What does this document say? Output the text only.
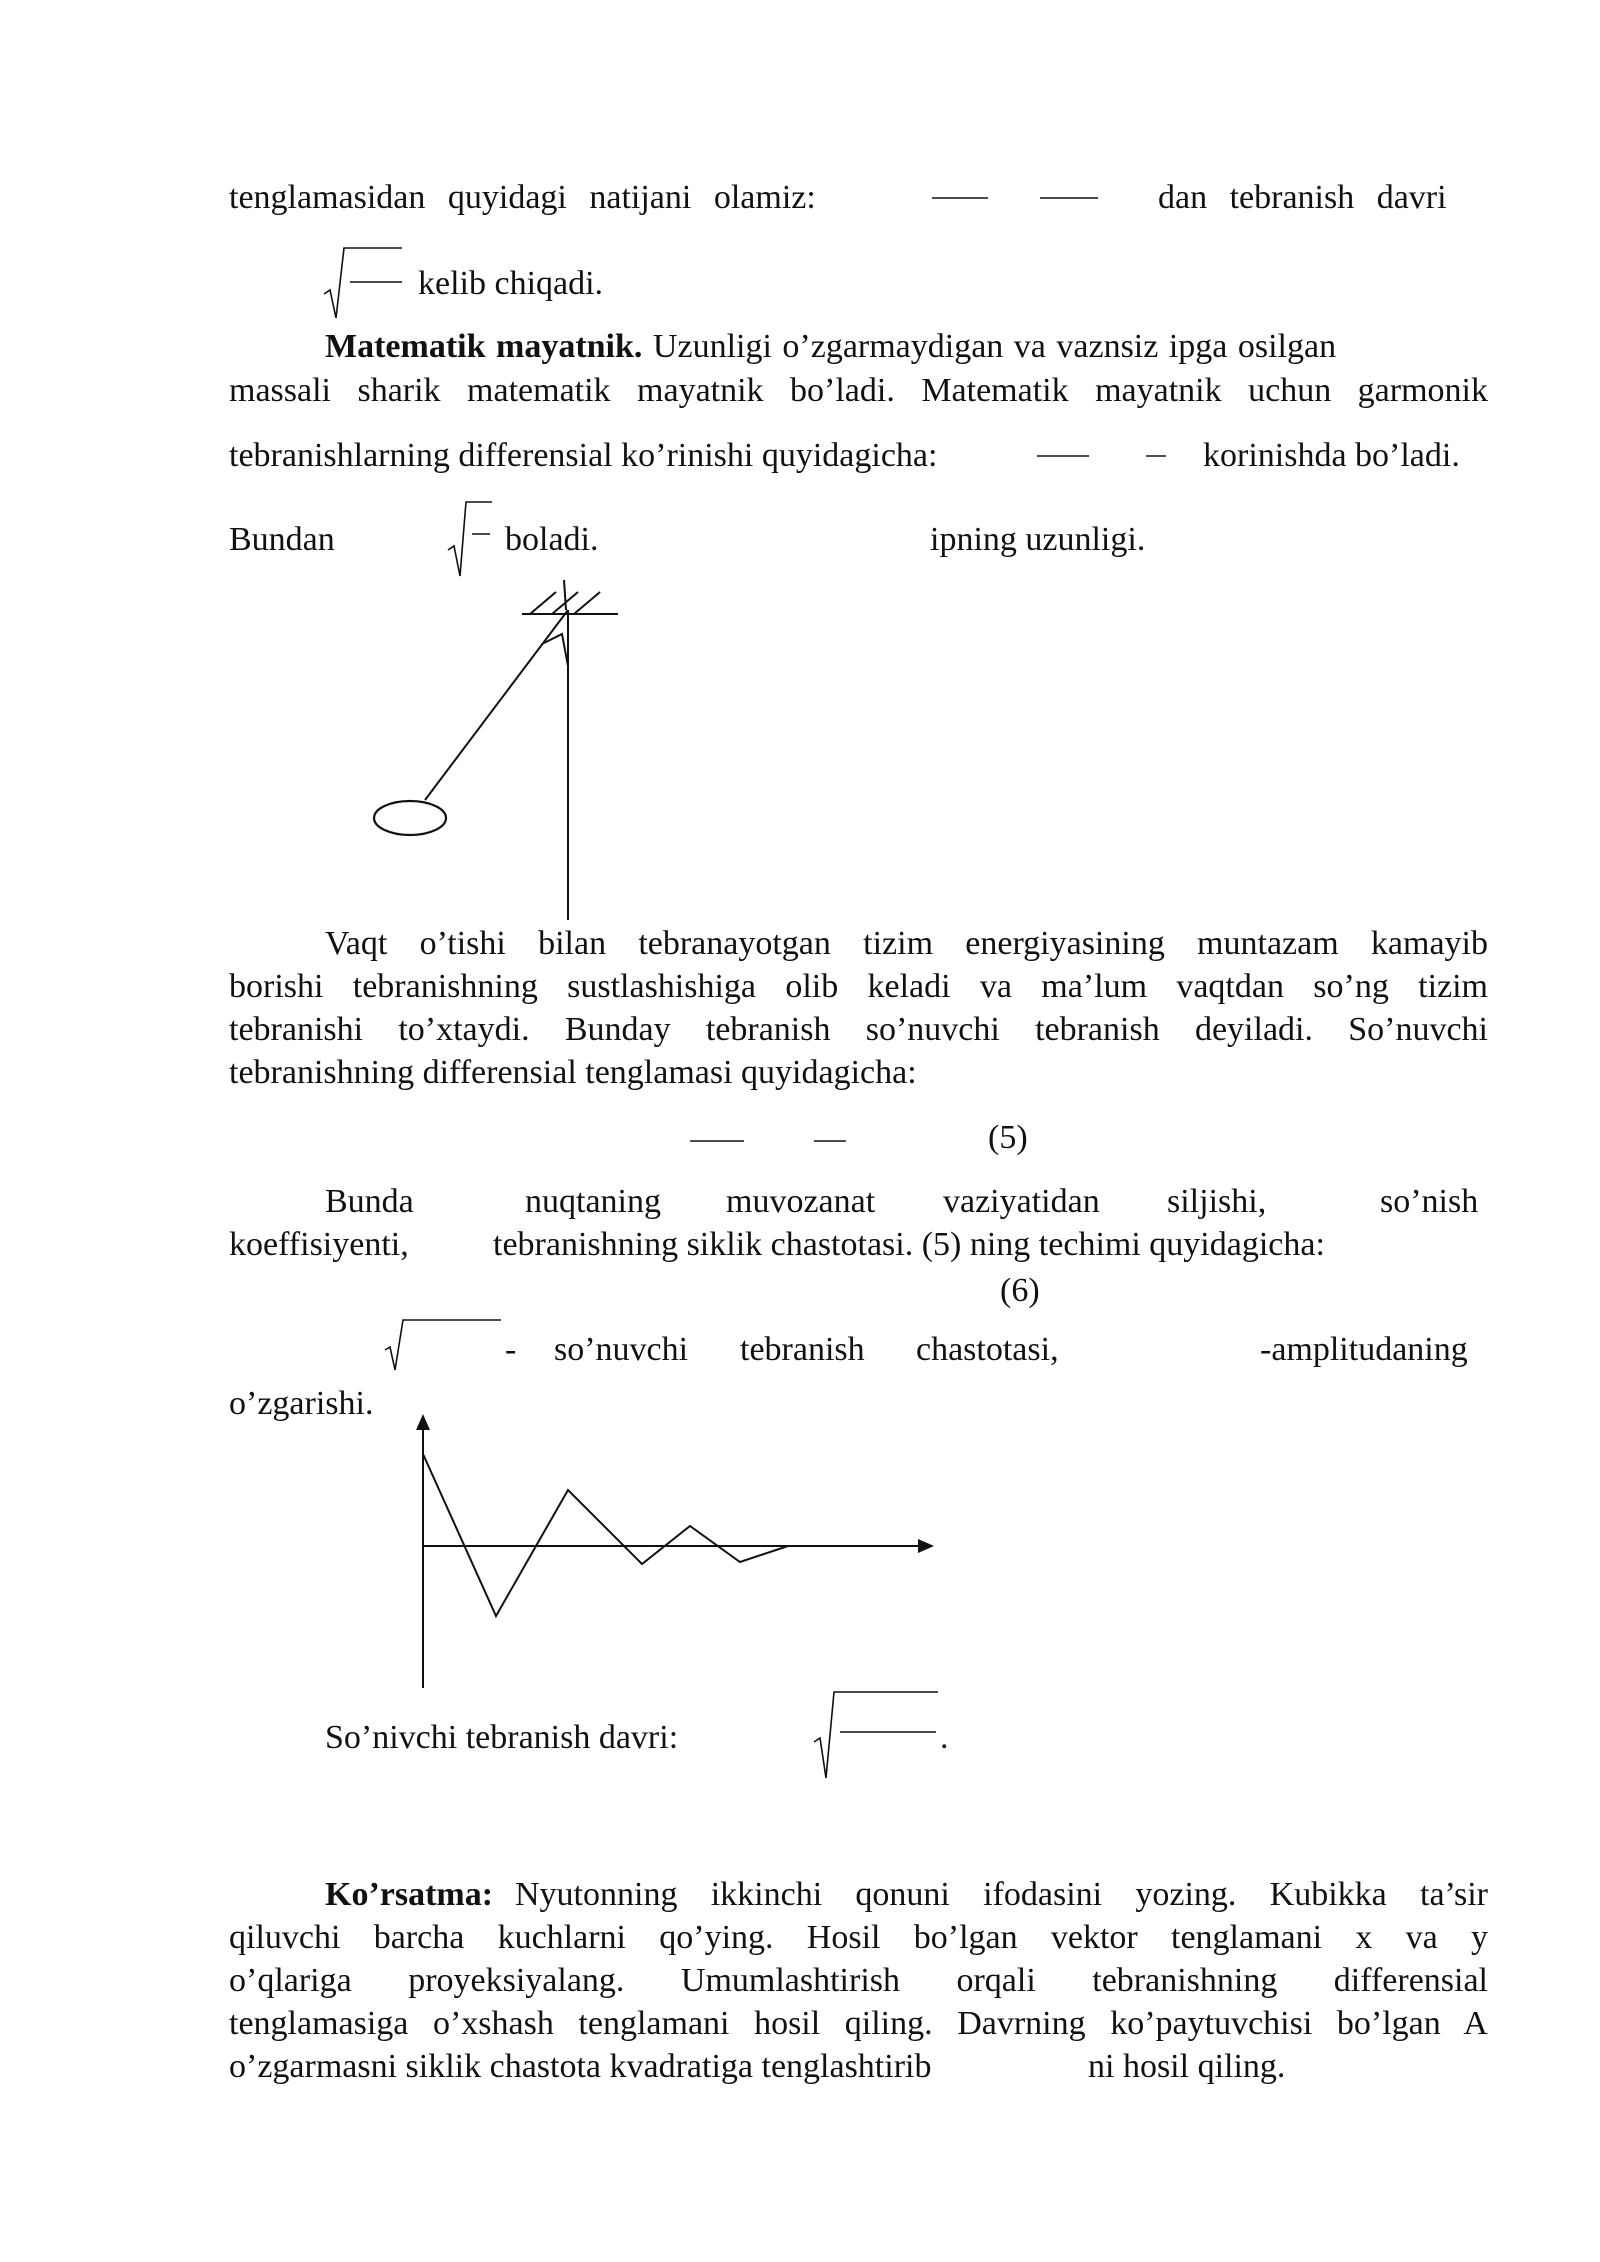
tenglamasidan quyidagi natijani olamiz:	dan tebranish davri
kelib chiqadi.
Matematik mayatnik. Uzunligi o’zgarmaydigan va vaznsiz ipga osilgan
massali sharik matematik mayatnik bo’ladi. Matematik mayatnik uchun garmonik
tebranishlarning differensial ko’rinishi quyidagicha:	korinishda bo’ladi.
Bundan	boladi.	ipning uzunligi.
Vaqt o’tishi bilan tebranayotgan tizim energiyasining muntazam kamayib
borishi tebranishning sustlashishiga olib keladi va ma’lum vaqtdan so’ng tizim
tebranishi to’xtaydi. Bunday tebranish so’nuvchi tebranish deyiladi. So’nuvchi
tebranishning differensial tenglamasi quyidagicha:
(5)
Bunda	nuqtaning muvozanat vaziyatidan siljishi,	so’nish
koeffisiyenti, tebranishning siklik chastotasi. (5) ning techimi quyidagicha:
(6)
- so’nuvchi tebranish chastotasi,	-amplitudaning
o’zgarishi.
So’nivchi tebranish davri:	.
Ko’rsatma: Nyutonning ikkinchi qonuni ifodasini yozing. Kubikka ta’sir
qiluvchi barcha kuchlarni qo’ying. Hosil bo’lgan vektor tenglamani x va y
o’qlariga proyeksiyalang. Umumlashtirish orqali tebranishning differensial
tenglamasiga o’xshash tenglamani hosil qiling. Davrning ko’paytuvchisi bo’lgan A
o’zgarmasni siklik chastota kvadratiga tenglashtirib	ni hosil qiling.
